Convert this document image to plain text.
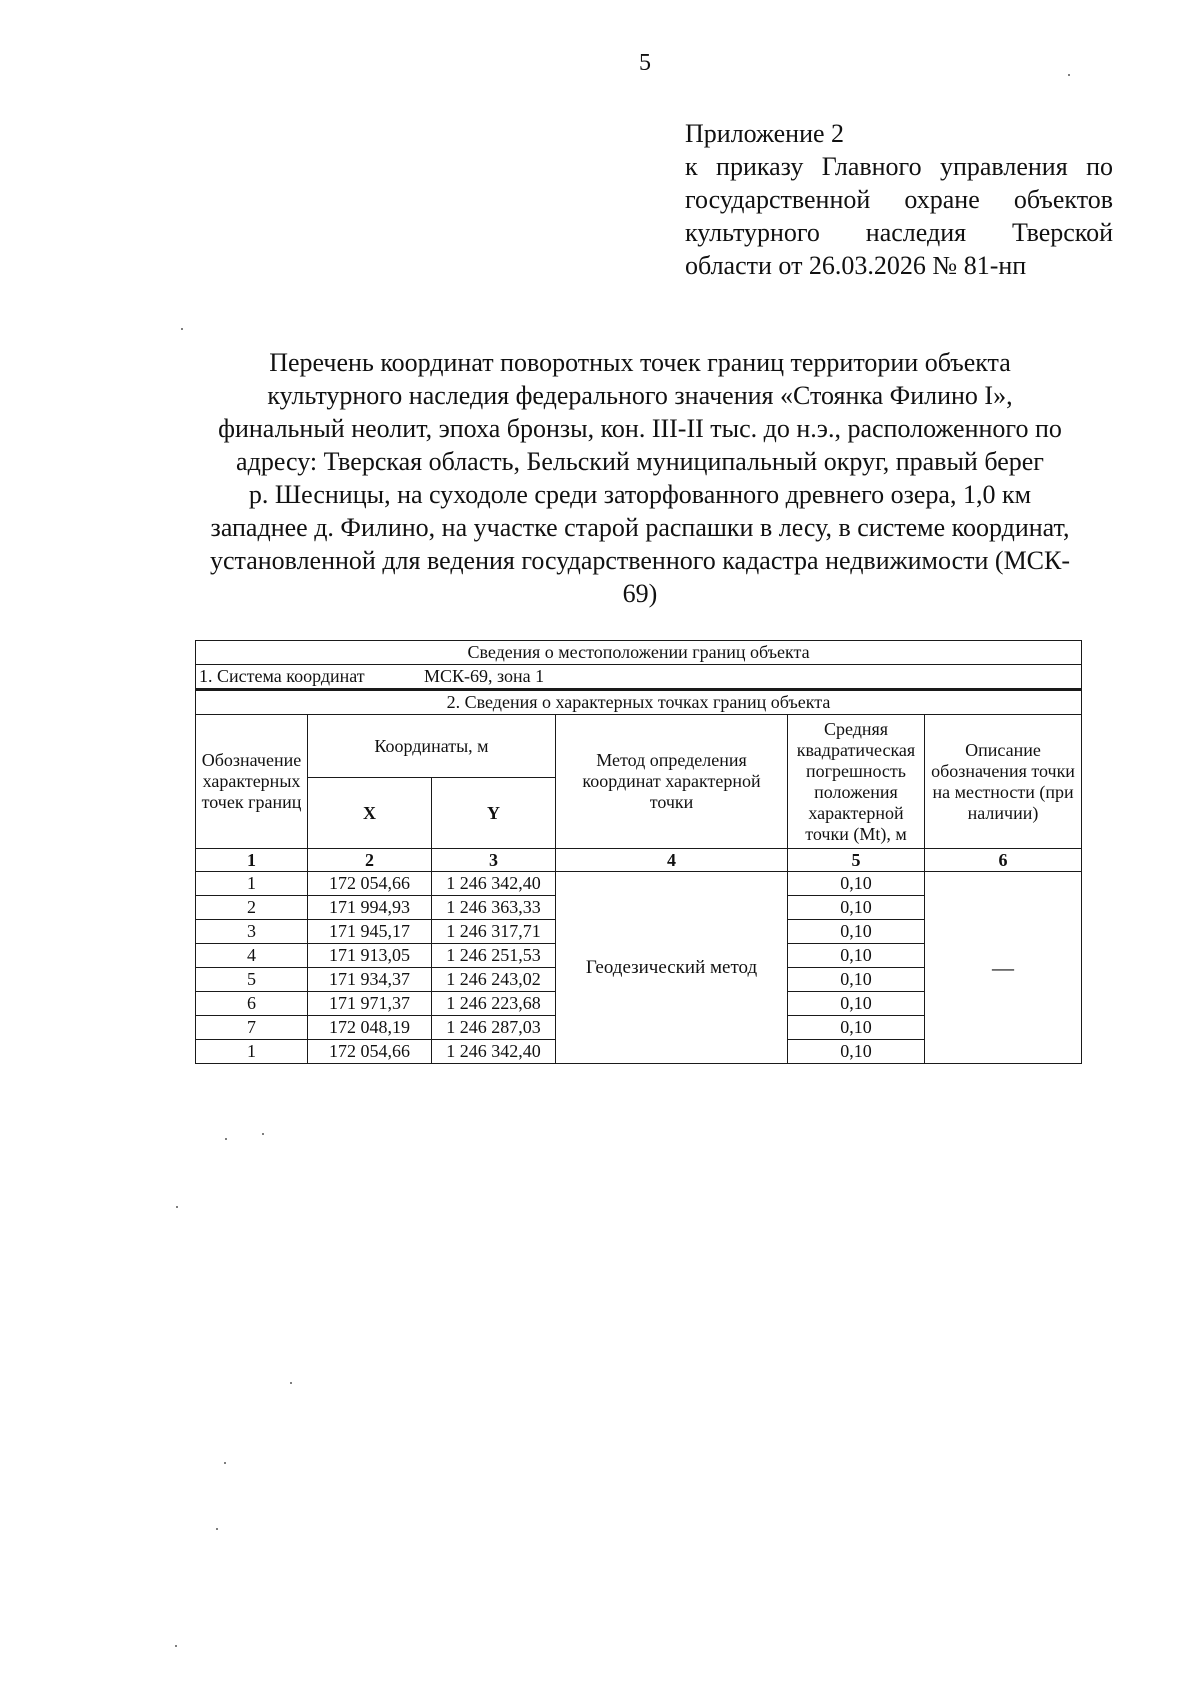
5
Приложение 2
к приказу Главного управления по государственной охране объектов культурного наследия Тверской области от 26.03.2026 № 81-нп
Перечень координат поворотных точек границ территории объекта
культурного наследия федерального значения «Стоянка Филино I»,
финальный неолит, эпоха бронзы, кон. III-II тыс. до н.э., расположенного по
адресу: Тверская область, Бельский муниципальный округ, правый берег
р. Шесницы, на суходоле среди заторфованного древнего озера, 1,0 км
западнее д. Филино, на участке старой распашки в лесу, в системе координат,
установленной для ведения государственного кадастра недвижимости (МСК-
69)
Сведения о местоположении границ объекта					
1. Система координат МСК-69, зона 1					
2. Сведения о характерных точках границ объекта					
Обозначение характерных точек границ	Координаты, м		Метод определения координат характерной точки	Средняя квадратическая погрешность положения характерной точки (Mt), м	Описание обозначения точки на местности (при наличии)
	X	Y			
1	2	3	4	5	6
1	172 054,66	1 246 342,40	Геодезический метод	0,10	—
2	171 994,93	1 246 363,33		0,10	
3	171 945,17	1 246 317,71		0,10	
4	171 913,05	1 246 251,53		0,10	
5	171 934,37	1 246 243,02		0,10	
6	171 971,37	1 246 223,68		0,10	
7	172 048,19	1 246 287,03		0,10	
1	172 054,66	1 246 342,40		0,10	
